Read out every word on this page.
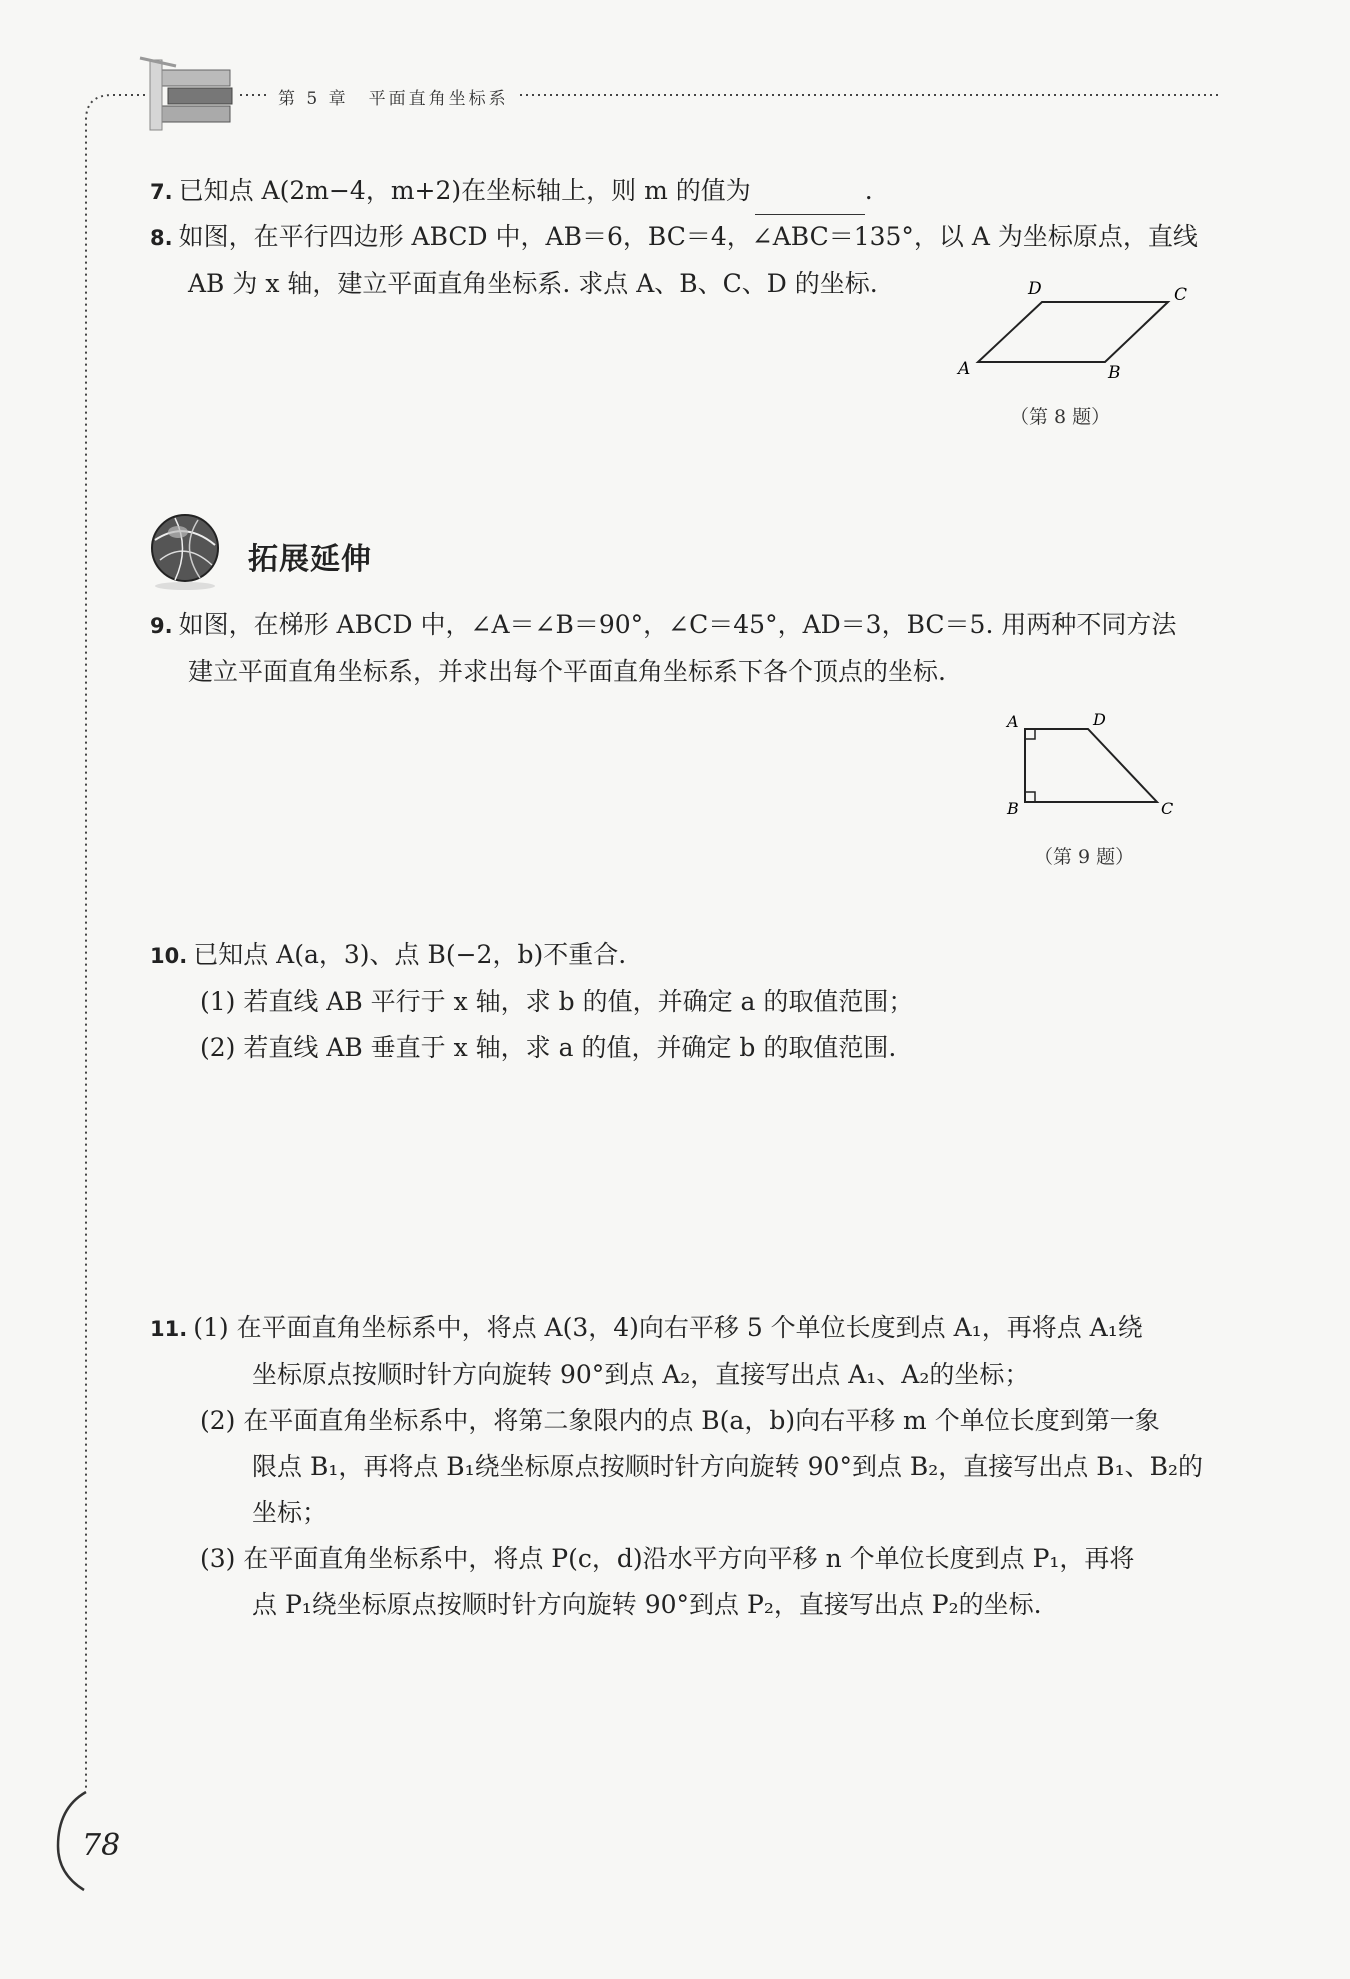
第 5 章　平面直角坐标系
7. 已知点 A(2m−4，m+2)在坐标轴上，则 m 的值为	.
8. 如图，在平行四边形 ABCD 中，AB＝6，BC＝4，∠ABC＝135°，以 A 为坐标原点，直线
AB 为 x 轴，建立平面直角坐标系. 求点 A、B、C、D 的坐标.
A	B
C
D
（第 8 题）
拓展延伸
9. 如图，在梯形 ABCD 中，∠A＝∠B＝90°，∠C＝45°，AD＝3，BC＝5. 用两种不同方法
建立平面直角坐标系，并求出每个平面直角坐标系下各个顶点的坐标.
A	D
B	C
（第 9 题）
10. 已知点 A(a，3)、点 B(−2，b)不重合.
(1) 若直线 AB 平行于 x 轴，求 b 的值，并确定 a 的取值范围；
(2) 若直线 AB 垂直于 x 轴，求 a 的值，并确定 b 的取值范围.
11. (1) 在平面直角坐标系中，将点 A(3，4)向右平移 5 个单位长度到点 A₁，再将点 A₁绕
坐标原点按顺时针方向旋转 90°到点 A₂，直接写出点 A₁、A₂的坐标；
(2) 在平面直角坐标系中，将第二象限内的点 B(a，b)向右平移 m 个单位长度到第一象
限点 B₁，再将点 B₁绕坐标原点按顺时针方向旋转 90°到点 B₂，直接写出点 B₁、B₂的
坐标；
(3) 在平面直角坐标系中，将点 P(c，d)沿水平方向平移 n 个单位长度到点 P₁，再将
点 P₁绕坐标原点按顺时针方向旋转 90°到点 P₂，直接写出点 P₂的坐标.
78
